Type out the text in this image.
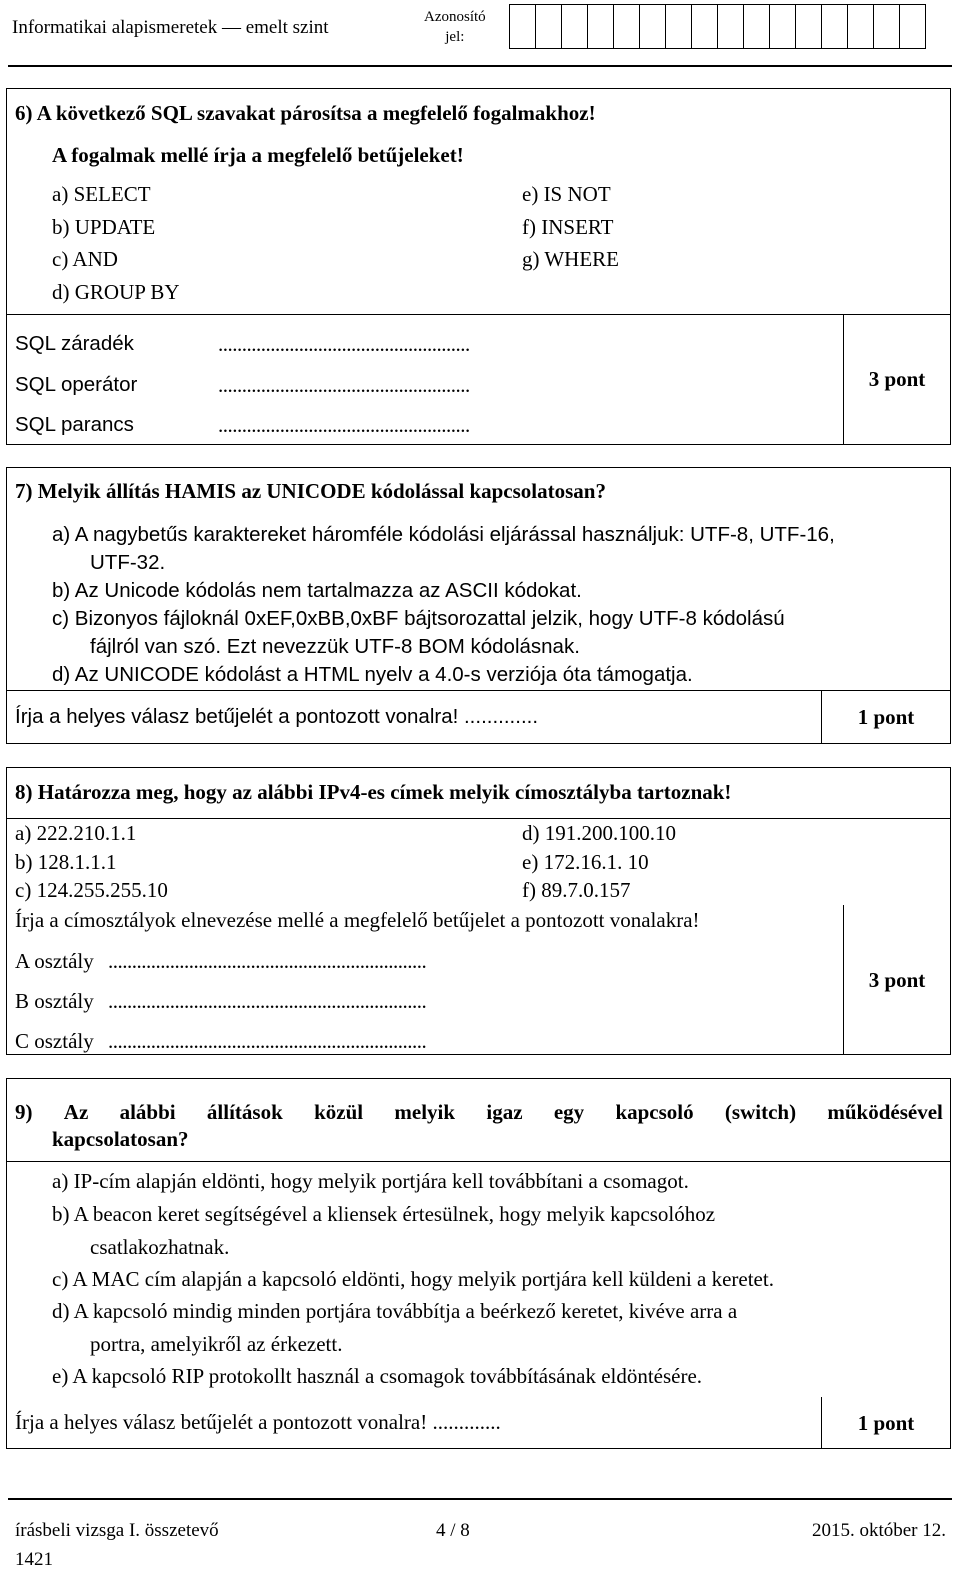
Informatikai alapismeretek — emelt szint	Azonosító
jel:
6) A következő SQL szavakat párosítsa a megfelelő fogalmakhoz!
A fogalmak mellé írja a megfelelő betűjeleket!
a) SELECT
b) UPDATE
c) AND
d) GROUP BY
e) IS NOT
f) INSERT
g) WHERE
SQL záradék	.....................................................
SQL operátor	.....................................................
SQL parancs	.....................................................
3 pont
7) Melyik állítás HAMIS az UNICODE kódolással kapcsolatosan?
a) A nagybetűs karaktereket háromféle kódolási eljárással használjuk: UTF-8, UTF-16,
UTF-32.
b) Az Unicode kódolás nem tartalmazza az ASCII kódokat.
c) Bizonyos fájloknál 0xEF,0xBB,0xBF bájtsorozattal jelzik, hogy UTF-8 kódolású
fájlról van szó. Ezt nevezzük UTF-8 BOM kódolásnak.
d) Az UNICODE kódolást a HTML nyelv a 4.0-s verziója óta támogatja.
Írja a helyes válasz betűjelét a pontozott vonalra! .............	1 pont
8) Határozza meg, hogy az alábbi IPv4-es címek melyik címosztályba tartoznak!
a) 222.210.1.1
b) 128.1.1.1
c) 124.255.255.10
d) 191.200.100.10
e) 172.16.1. 10
f) 89.7.0.157
Írja a címosztályok elnevezése mellé a megfelelő betűjelet a pontozott vonalakra!
A osztály ...................................................................
B osztály ...................................................................
C osztály ...................................................................
3 pont
9) Az alábbi állítások közül melyik igaz egy kapcsoló (switch) működésével
kapcsolatosan?
a) IP-cím alapján eldönti, hogy melyik portjára kell továbbítani a csomagot.
b) A beacon keret segítségével a kliensek értesülnek, hogy melyik kapcsolóhoz
csatlakozhatnak.
c) A MAC cím alapján a kapcsoló eldönti, hogy melyik portjára kell küldeni a keretet.
d) A kapcsoló mindig minden portjára továbbítja a beérkező keretet, kivéve arra a
portra, amelyikről az érkezett.
e) A kapcsoló RIP protokollt használ a csomagok továbbításának eldöntésére.
Írja a helyes válasz betűjelét a pontozott vonalra! .............	1 pont
írásbeli vizsga I. összetevő
1421
4 / 8	2015. október 12.
